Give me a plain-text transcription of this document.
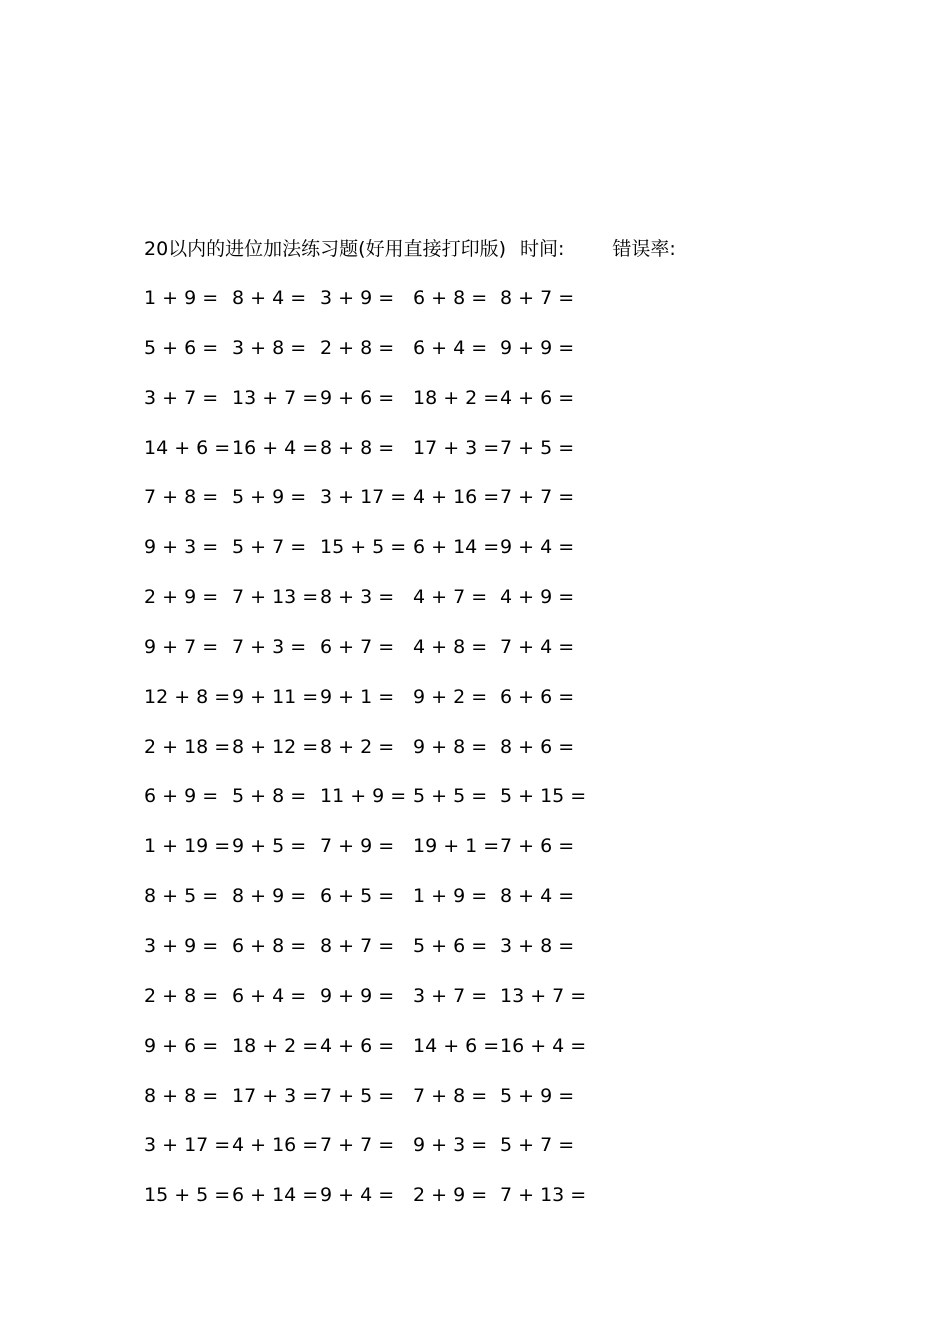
20以内的进位加法练习题(好用直接打印版) 时间:	错误率:
1 + 9 = 8 + 4 = 3 + 9 = 6 + 8 = 8 + 7 =
5 + 6 = 3 + 8 = 2 + 8 = 6 + 4 = 9 + 9 =
3 + 7 = 13 + 7 = 9 + 6 = 18 + 2 = 4 + 6 =
14 + 6 = 16 + 4 = 8 + 8 = 17 + 3 = 7 + 5 =
7 + 8 = 5 + 9 = 3 + 17 = 4 + 16 = 7 + 7 =
9 + 3 = 5 + 7 = 15 + 5 = 6 + 14 = 9 + 4 =
2 + 9 = 7 + 13 = 8 + 3 = 4 + 7 = 4 + 9 =
9 + 7 = 7 + 3 = 6 + 7 = 4 + 8 = 7 + 4 =
12 + 8 = 9 + 11 = 9 + 1 = 9 + 2 = 6 + 6 =
2 + 18 = 8 + 12 = 8 + 2 = 9 + 8 = 8 + 6 =
6 + 9 = 5 + 8 = 11 + 9 = 5 + 5 = 5 + 15 =
1 + 19 = 9 + 5 = 7 + 9 = 19 + 1 = 7 + 6 =
8 + 5 = 8 + 9 = 6 + 5 = 1 + 9 = 8 + 4 =
3 + 9 = 6 + 8 = 8 + 7 = 5 + 6 = 3 + 8 =
2 + 8 = 6 + 4 = 9 + 9 = 3 + 7 = 13 + 7 =
9 + 6 = 18 + 2 = 4 + 6 = 14 + 6 = 16 + 4 =
8 + 8 = 17 + 3 = 7 + 5 = 7 + 8 = 5 + 9 =
3 + 17 = 4 + 16 = 7 + 7 = 9 + 3 = 5 + 7 =
15 + 5 = 6 + 14 = 9 + 4 = 2 + 9 = 7 + 13 =
